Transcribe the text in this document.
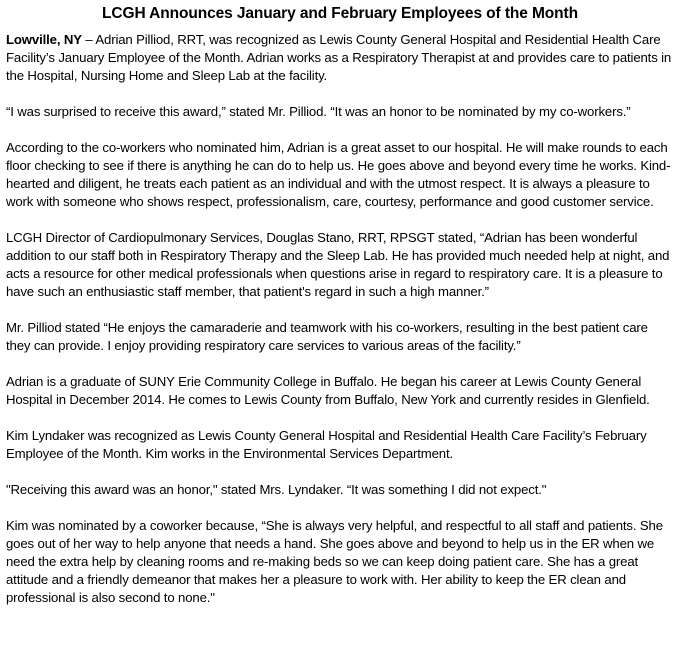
LCGH Announces January and February Employees of the Month

Lowville, NY – Adrian Pilliod, RRT, was recognized as Lewis County General Hospital and Residential Health Care Facility’s January Employee of the Month. Adrian works as a Respiratory Therapist at and provides care to patients in the Hospital, Nursing Home and Sleep Lab at the facility.

“I was surprised to receive this award,” stated Mr. Pilliod. “It was an honor to be nominated by my co-workers.”

According to the co-workers who nominated him, Adrian is a great asset to our hospital. He will make rounds to each floor checking to see if there is anything he can do to help us. He goes above and beyond every time he works. Kind-hearted and diligent, he treats each patient as an individual and with the utmost respect. It is always a pleasure to work with someone who shows respect, professionalism, care, courtesy, performance and good customer service.

LCGH Director of Cardiopulmonary Services, Douglas Stano, RRT, RPSGT stated, “Adrian has been wonderful addition to our staff both in Respiratory Therapy and the Sleep Lab. He has provided much needed help at night, and acts a resource for other medical professionals when questions arise in regard to respiratory care. It is a pleasure to have such an enthusiastic staff member, that patient's regard in such a high manner.”

Mr. Pilliod stated “He enjoys the camaraderie and teamwork with his co-workers, resulting in the best patient care they can provide. I enjoy providing respiratory care services to various areas of the facility.”

Adrian is a graduate of SUNY Erie Community College in Buffalo. He began his career at Lewis County General Hospital in December 2014. He comes to Lewis County from Buffalo, New York and currently resides in Glenfield.

Kim Lyndaker was recognized as Lewis County General Hospital and Residential Health Care Facility’s February Employee of the Month. Kim works in the Environmental Services Department.

"Receiving this award was an honor," stated Mrs. Lyndaker. “It was something I did not expect."

Kim was nominated by a coworker because, “She is always very helpful, and respectful to all staff and patients. She goes out of her way to help anyone that needs a hand. She goes above and beyond to help us in the ER when we need the extra help by cleaning rooms and re-making beds so we can keep doing patient care. She has a great attitude and a friendly demeanor that makes her a pleasure to work with. Her ability to keep the ER clean and professional is also second to none."
